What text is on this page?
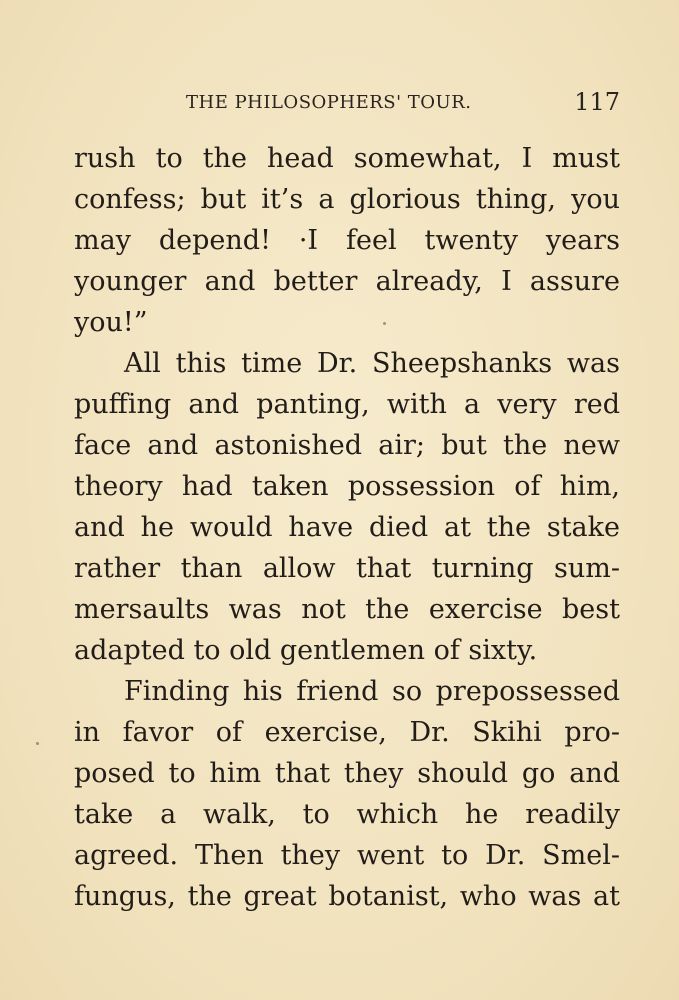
THE PHILOSOPHERS' TOUR.	117
rush to the head somewhat, I must
confess; but it’s a glorious thing, you
may depend! ·I feel twenty years
younger and better already, I assure
you!”
All this time Dr. Sheepshanks was
puffing and panting, with a very red
face and astonished air; but the new
theory had taken possession of him,
and he would have died at the stake
rather than allow that turning sum-
mersaults was not the exercise best
adapted to old gentlemen of sixty.
Finding his friend so prepossessed
in favor of exercise, Dr. Skihi pro-
posed to him that they should go and
take a walk, to which he readily
agreed. Then they went to Dr. Smel-
fungus, the great botanist, who was at
